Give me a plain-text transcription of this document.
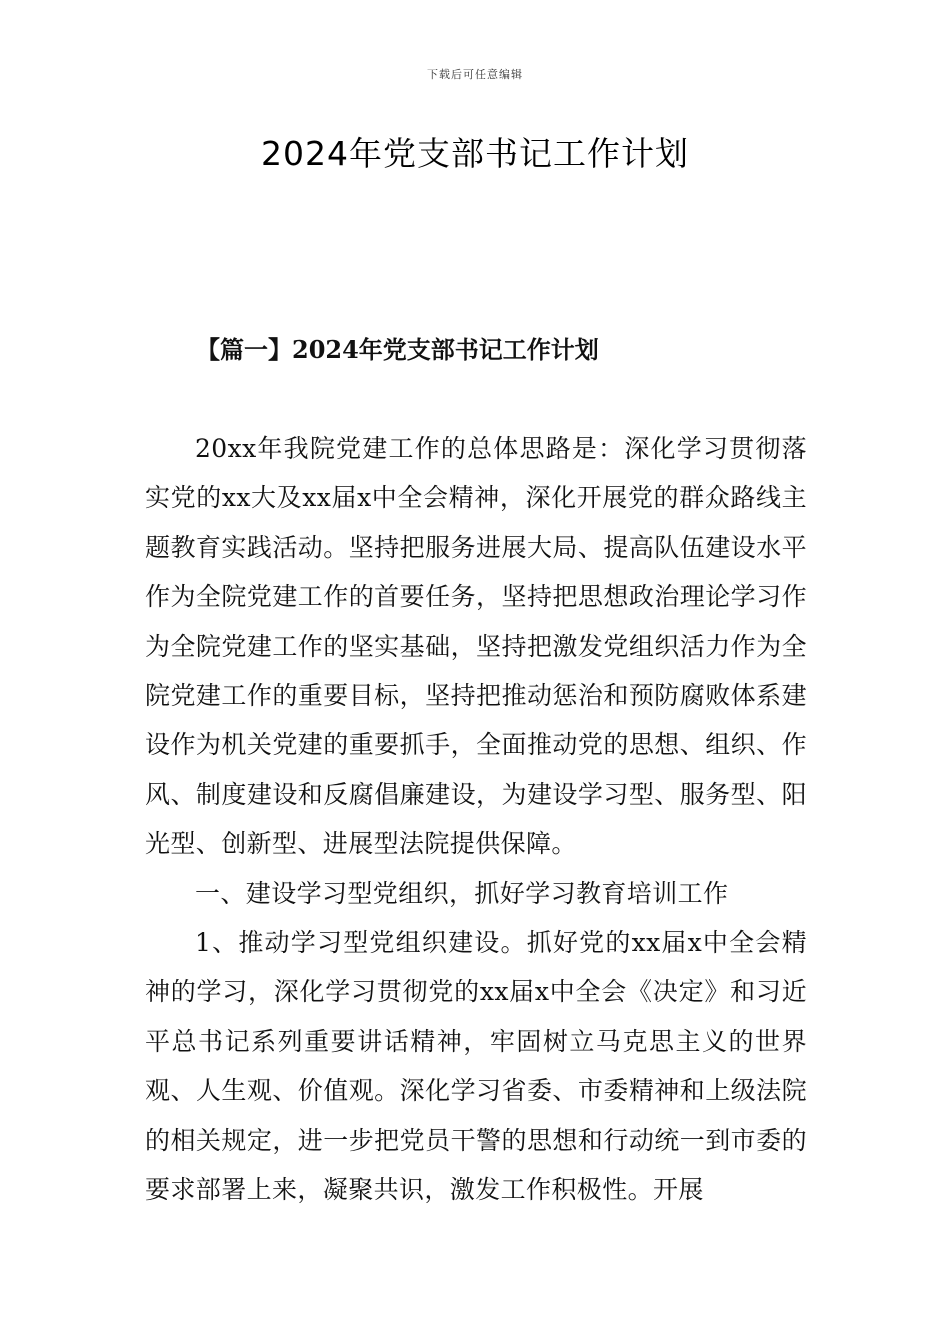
下载后可任意编辑
2024年党支部书记工作计划
【篇一】2024年党支部书记工作计划

20xx年我院党建工作的总体思路是：深化学习贯彻落实党的xx大及xx届x中全会精神，深化开展党的群众路线主题教育实践活动。坚持把服务进展大局、提高队伍建设水平作为全院党建工作的首要任务，坚持把思想政治理论学习作为全院党建工作的坚实基础，坚持把激发党组织活力作为全院党建工作的重要目标，坚持把推动惩治和预防腐败体系建设作为机关党建的重要抓手，全面推动党的思想、组织、作风、制度建设和反腐倡廉建设，为建设学习型、服务型、阳光型、创新型、进展型法院提供保障。

一、建设学习型党组织，抓好学习教育培训工作

1、推动学习型党组织建设。抓好党的xx届x中全会精神的学习，深化学习贯彻党的xx届x中全会《决定》和习近平总书记系列重要讲话精神，牢固树立马克思主义的世界观、人生观、价值观。深化学习省委、市委精神和上级法院的相关规定，进一步把党员干警的思想和行动统一到市委的要求部署上来，凝聚共识，激发工作积极性。开展
